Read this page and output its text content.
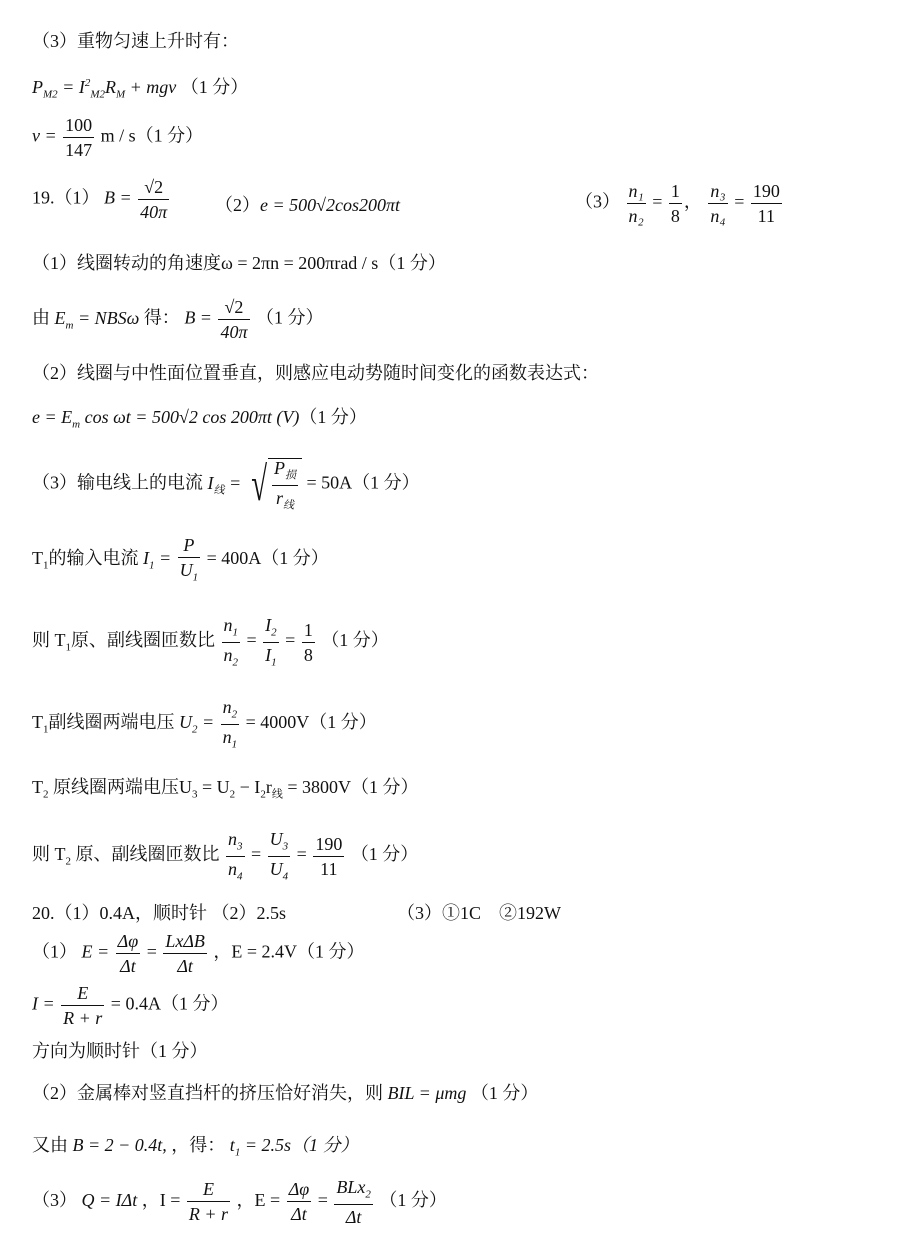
（3）重物匀速上升时有：
$P_{M2} = I^2_{M2}R_M$ + mgv （1 分）
$v = \frac{100}{147}$ m / s（1 分）
19.（1） $B = \frac{√2}{40\pi}$	（2）e = 500√2cos200πt	$(3) \frac{\text{n₁}}{\text{n₂}} = \frac{1}{8}$ ， $\frac{\text{n₃}}{\text{n₄}} = \frac{190}{11}$
（1）线圈转动的角速度ω = 2πn = 200πrad / s（1 分）
由 $E_m = NBS\omega$ 得： $B = \frac{√2}{40\pi} (1$ 分）
（2）线圈与中性面位置垂直，则感应电动势随时间变化的函数表达式：
$e = E_m$ cos ωt = 500√2 cos 200πt (V)（1 分）
（3）输电线上的电流 $I_线$ = √ $\frac{P_损}{r_线} = 50A(1$ 分）
$T_1$的输入电流 $I_1 = \frac{P}{U_1} = 400A(1$ 分）
则 $T_1$原、副线圈匝数比 $\frac{n_1}{n_2} = \frac{I_2}{I_1} = \frac{1}{8} (1$ 分）
$T_1$副线圈两端电压 $U_2 = \frac{n_2}{n_1} = 4000V(1$ 分）
$T_2$ 原线圈两端电压$U_3 = U_2 - I_2r_线 = 3800V(1$ 分）
则 $T_2$ 原、副线圈匝数比 $\frac{n_3}{n_4} = \frac{U_3}{U_4} = \frac{190}{11} (1$ 分）
20.（1）0.4A，顺时针 （2）2.5s	（3）①1C　②192W
（1） $E = \frac{\Delta\varphi}{\Delta t} = \frac{\text{LxΔB}}{\Delta t}$ ，E = 2.4V（1 分）
$I = \frac{E}{R + r} = 0.4A(1$ 分）
方向为顺时针（1 分）
（2）金属棒对竖直挡杆的挤压恰好消失，则 BIL = μmg （1 分）
又由 B = 2 − 0.4t, ，得： $t_1 = 2.5s(1$ 分）
（3） Q = IΔt ，$I = \frac{E}{R + r}$ ，$E = \frac{\Delta\varphi}{\Delta t} = \frac{BLx_2}{\Delta t} (1$ 分）
